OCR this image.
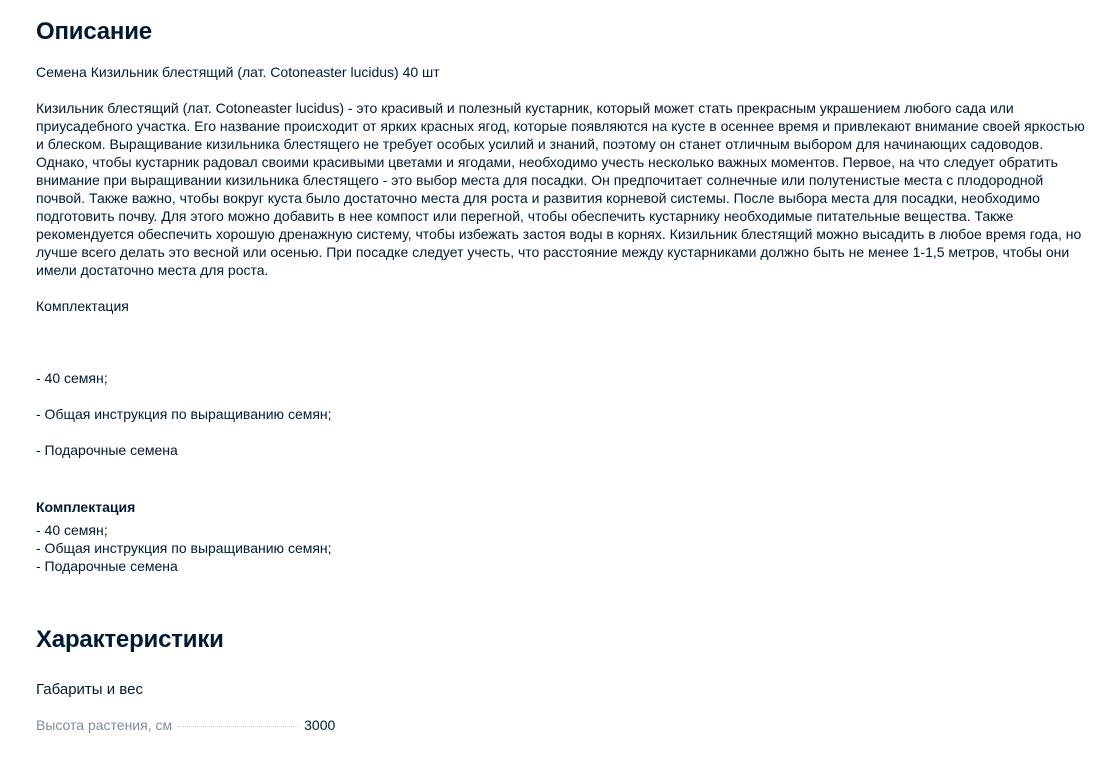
Описание

Семена Кизильник блестящий (лат. Cotoneaster lucidus) 40 шт

Кизильник блестящий (лат. Cotoneaster lucidus) - это красивый и полезный кустарник, который может стать прекрасным украшением любого сада или приусадебного участка. Его название происходит от ярких красных ягод, которые появляются на кусте в осеннее время и привлекают внимание своей яркостью и блеском. Выращивание кизильника блестящего не требует особых усилий и знаний, поэтому он станет отличным выбором для начинающих садоводов. Однако, чтобы кустарник радовал своими красивыми цветами и ягодами, необходимо учесть несколько важных моментов. Первое, на что следует обратить внимание при выращивании кизильника блестящего - это выбор места для посадки. Он предпочитает солнечные или полутенистые места с плодородной почвой. Также важно, чтобы вокруг куста было достаточно места для роста и развития корневой системы. После выбора места для посадки, необходимо подготовить почву. Для этого можно добавить в нее компост или перегной, чтобы обеспечить кустарнику необходимые питательные вещества. Также рекомендуется обеспечить хорошую дренажную систему, чтобы избежать застоя воды в корнях. Кизильник блестящий можно высадить в любое время года, но лучше всего делать это весной или осенью. При посадке следует учесть, что расстояние между кустарниками должно быть не менее 1-1,5 метров, чтобы они имели достаточно места для роста.

Комплектация

- 40 семян;

- Общая инструкция по выращиванию семян;

- Подарочные семена

Комплектация
- 40 семян;
- Общая инструкция по выращиванию семян;
- Подарочные семена
Характеристики
Габариты и вес
Высота растения, см	3000
